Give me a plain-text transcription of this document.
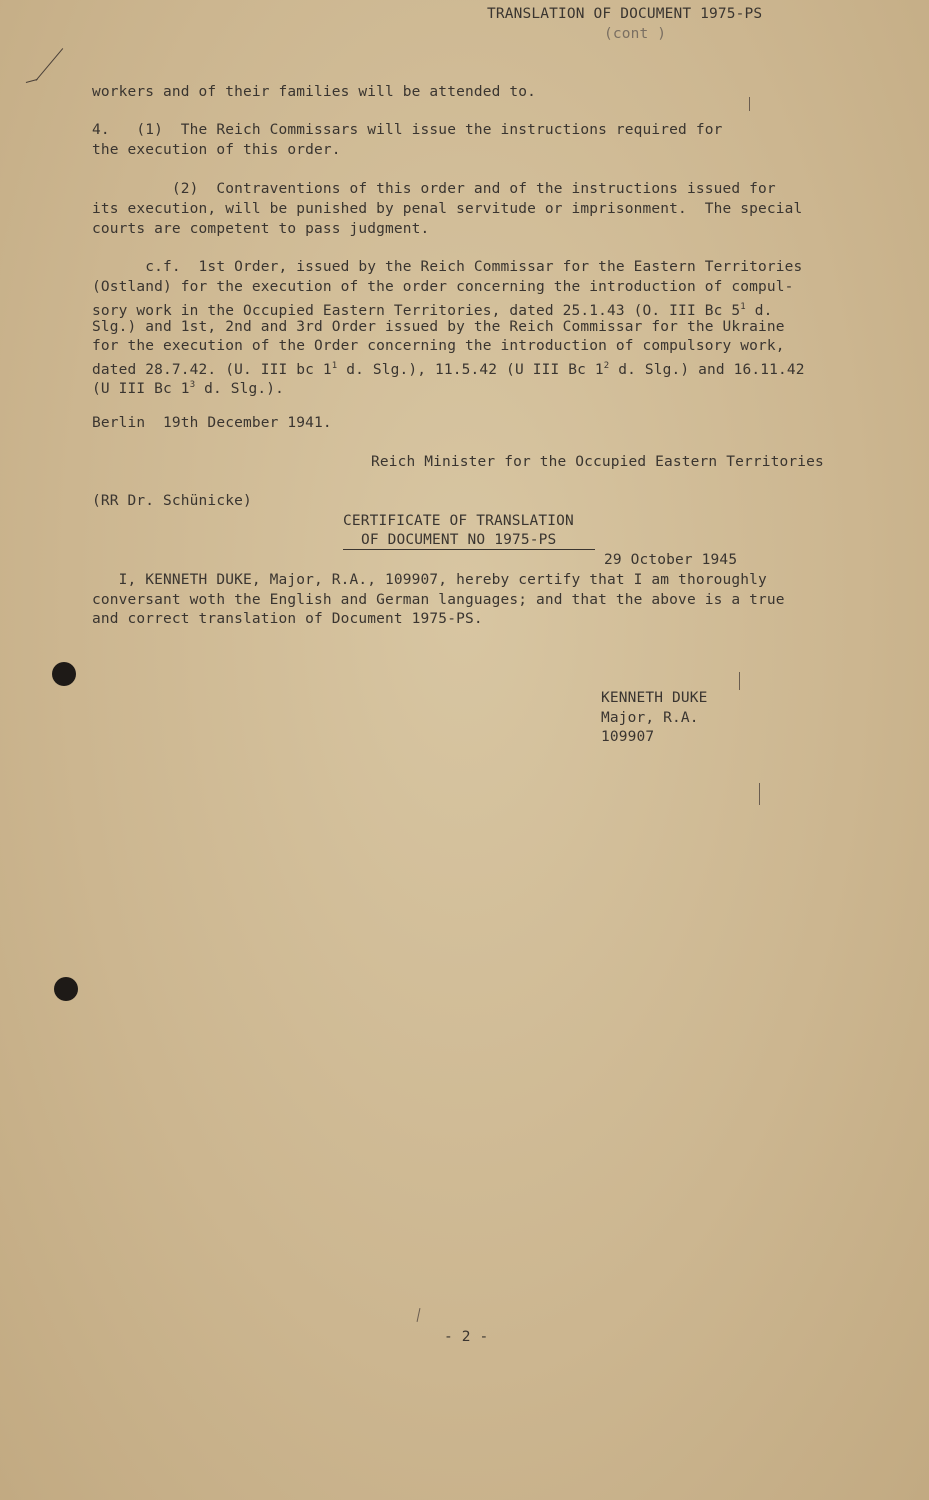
TRANSLATION OF DOCUMENT 1975-PS

(cont )

workers and of their families will be attended to.

4.   (1)  The Reich Commissars will issue the instructions required for

the execution of this order.

(2)  Contraventions of this order and of the instructions issued for

its execution, will be punished by penal servitude or imprisonment.  The special

courts are competent to pass judgment.

c.f.  1st Order, issued by the Reich Commissar for the Eastern Territories

(Ostland) for the execution of the order concerning the introduction of compul-

sory work in the Occupied Eastern Territories, dated 25.1.43 (O. III Bc $5^1$ d.

Slg.) and 1st, 2nd and 3rd Order issued by the Reich Commissar for the Ukraine

for the execution of the Order concerning the introduction of compulsory work,

dated 28.7.42. (U. III bc $1^1$ d. Slg.), 11.5.42 (U III Bc $1^2$ d. Slg.) and 16.11.42

(U III Bc $1^3$ d. Slg.).

Berlin  19th December 1941.

Reich Minister for the Occupied Eastern Territories

(RR Dr. Schünicke)

CERTIFICATE OF TRANSLATION

OF DOCUMENT NO 1975-PS

29 October 1945

I, KENNETH DUKE, Major, R.A., 109907, hereby certify that I am thoroughly

conversant woth the English and German languages; and that the above is a true

and correct translation of Document 1975-PS.

KENNETH DUKE

Major, R.A.

109907

- 2 -
